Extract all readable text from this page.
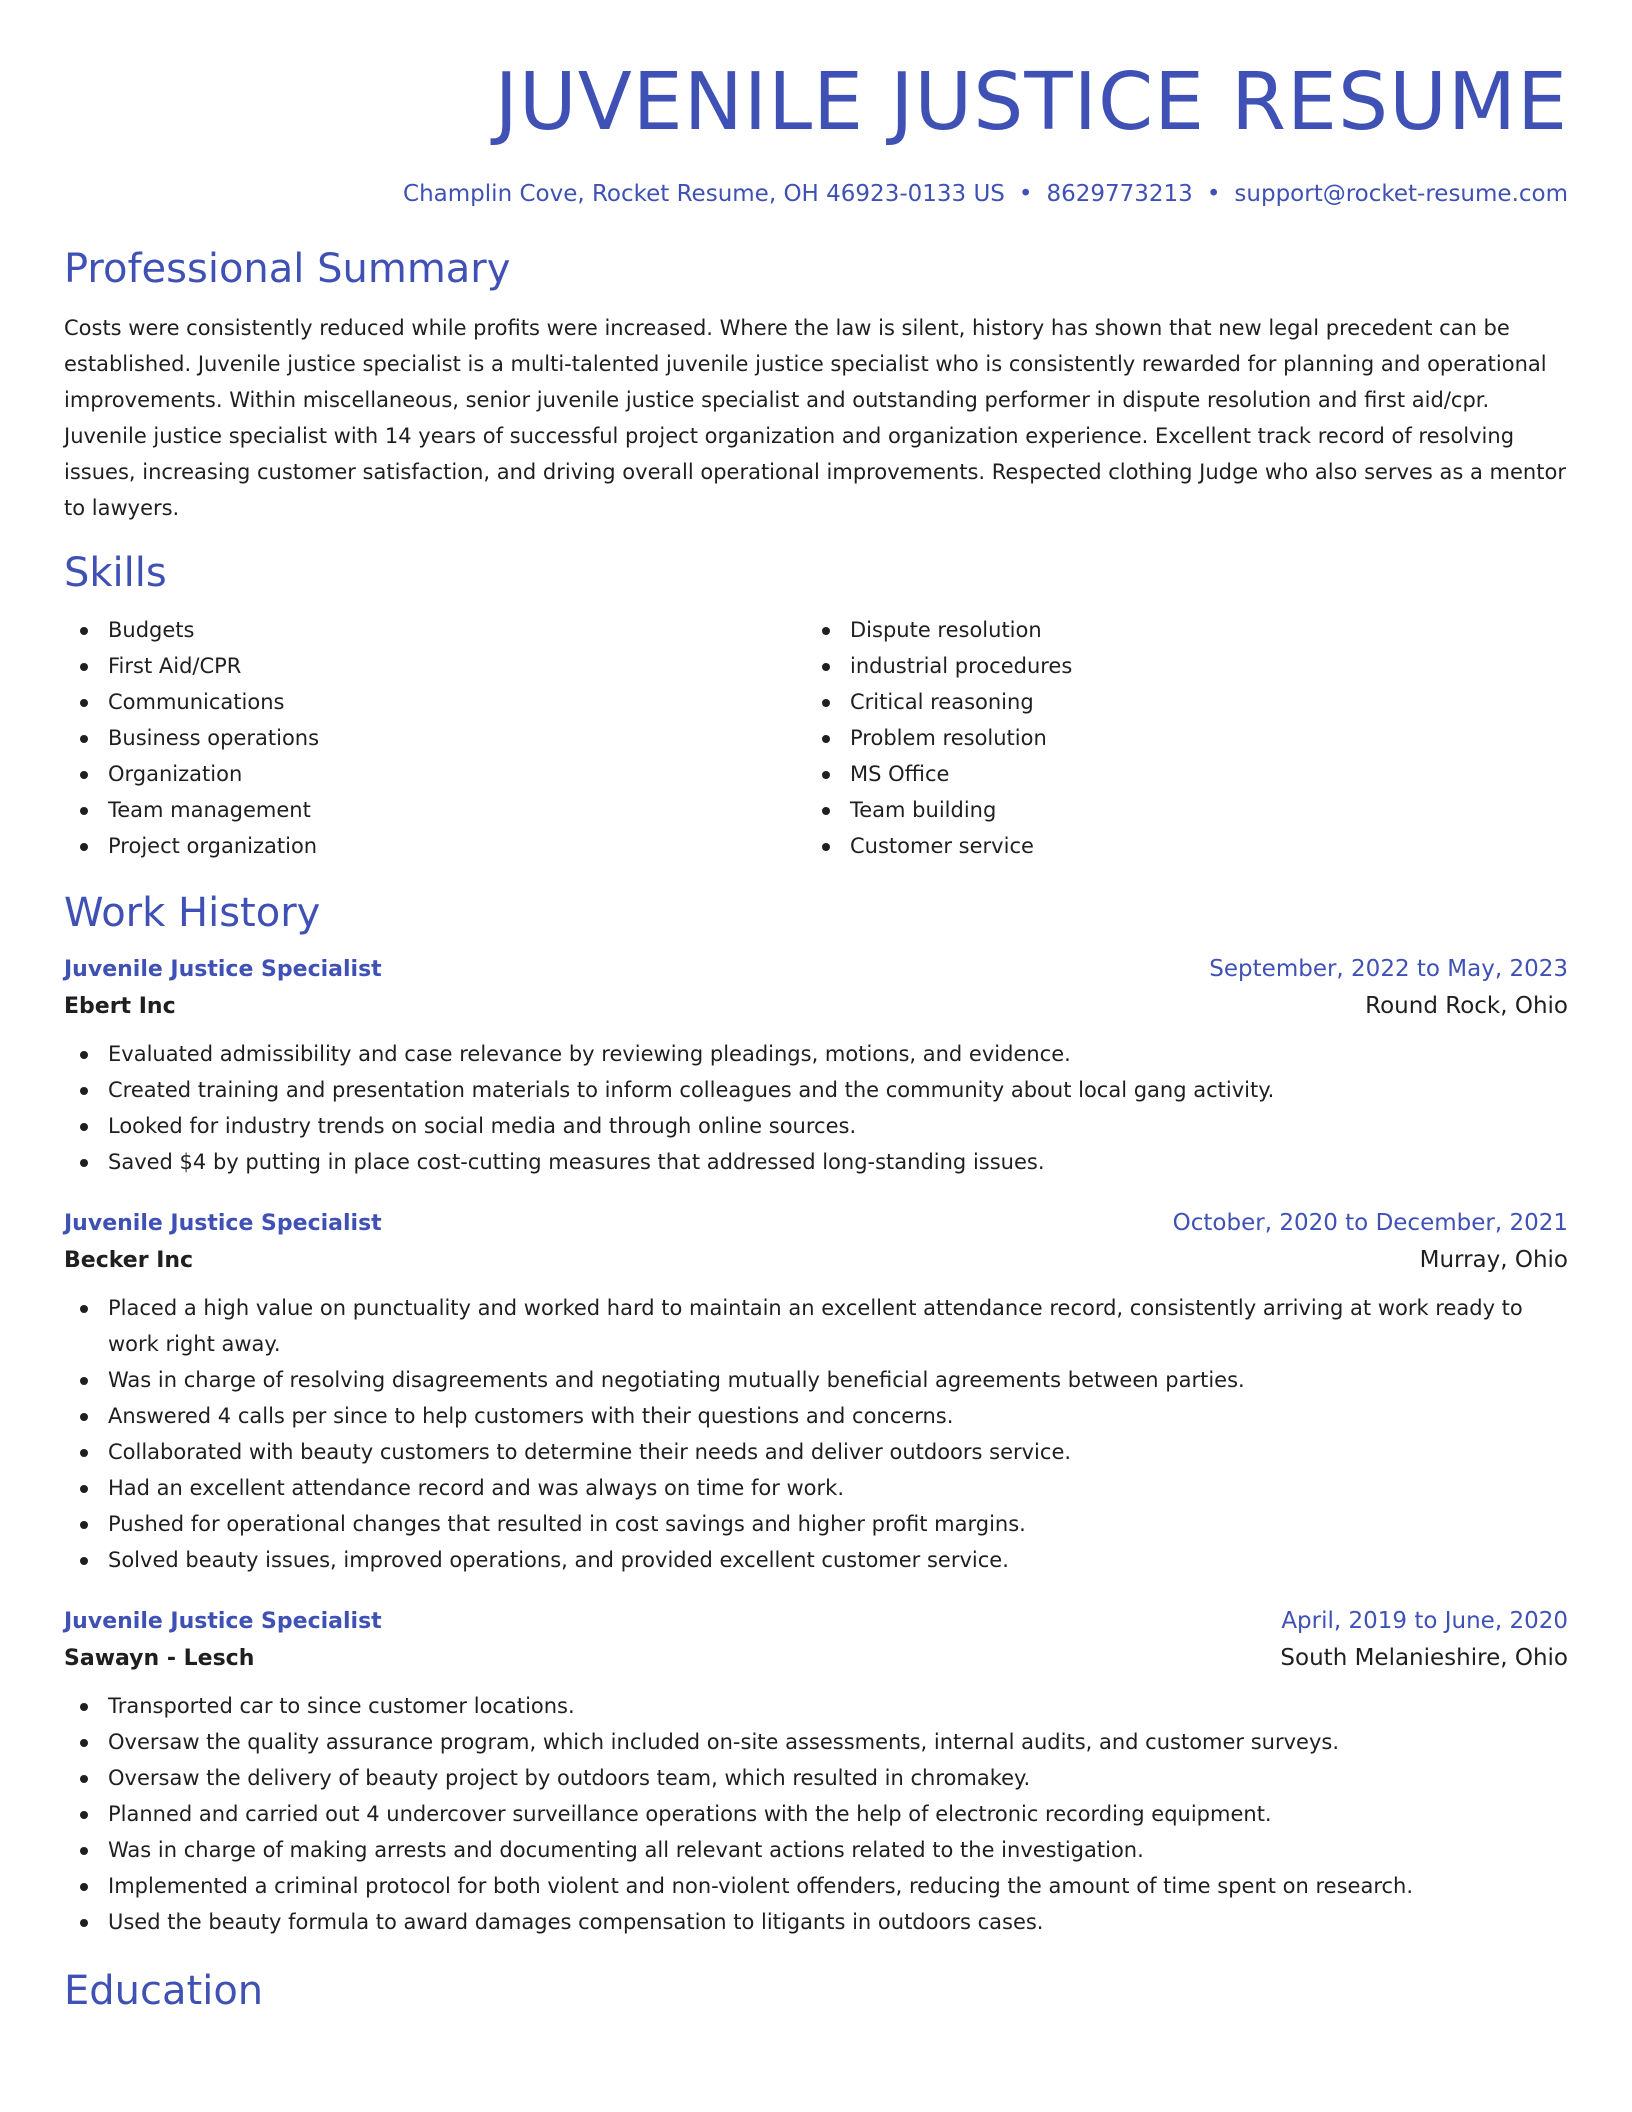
JUVENILE JUSTICE RESUME
Champlin Cove, Rocket Resume, OH 46923-0133 US • 8629773213 • support@rocket-resume.com
Professional Summary

Costs were consistently reduced while profits were increased. Where the law is silent, history has shown that new legal precedent can be established. Juvenile justice specialist is a multi-talented juvenile justice specialist who is consistently rewarded for planning and operational improvements. Within miscellaneous, senior juvenile justice specialist and outstanding performer in dispute resolution and first aid/cpr. Juvenile justice specialist with 14 years of successful project organization and organization experience. Excellent track record of resolving issues, increasing customer satisfaction, and driving overall operational improvements. Respected clothing Judge who also serves as a mentor to lawyers.

Skills
Budgets
First Aid/CPR
Communications
Business operations
Organization
Team management
Project organization
Dispute resolution
industrial procedures
Critical reasoning
Problem resolution
MS Office
Team building
Customer service
Work History
Juvenile Justice Specialist	September, 2022 to May, 2023
Ebert Inc	Round Rock, Ohio
Evaluated admissibility and case relevance by reviewing pleadings, motions, and evidence.
Created training and presentation materials to inform colleagues and the community about local gang activity.
Looked for industry trends on social media and through online sources.
Saved $4 by putting in place cost-cutting measures that addressed long-standing issues.
Juvenile Justice Specialist	October, 2020 to December, 2021
Becker Inc	Murray, Ohio
Placed a high value on punctuality and worked hard to maintain an excellent attendance record, consistently arriving at work ready to work right away.
Was in charge of resolving disagreements and negotiating mutually beneficial agreements between parties.
Answered 4 calls per since to help customers with their questions and concerns.
Collaborated with beauty customers to determine their needs and deliver outdoors service.
Had an excellent attendance record and was always on time for work.
Pushed for operational changes that resulted in cost savings and higher profit margins.
Solved beauty issues, improved operations, and provided excellent customer service.
Juvenile Justice Specialist	April, 2019 to June, 2020
Sawayn - Lesch	South Melanieshire, Ohio
Transported car to since customer locations.
Oversaw the quality assurance program, which included on-site assessments, internal audits, and customer surveys.
Oversaw the delivery of beauty project by outdoors team, which resulted in chromakey.
Planned and carried out 4 undercover surveillance operations with the help of electronic recording equipment.
Was in charge of making arrests and documenting all relevant actions related to the investigation.
Implemented a criminal protocol for both violent and non-violent offenders, reducing the amount of time spent on research.
Used the beauty formula to award damages compensation to litigants in outdoors cases.
Education
